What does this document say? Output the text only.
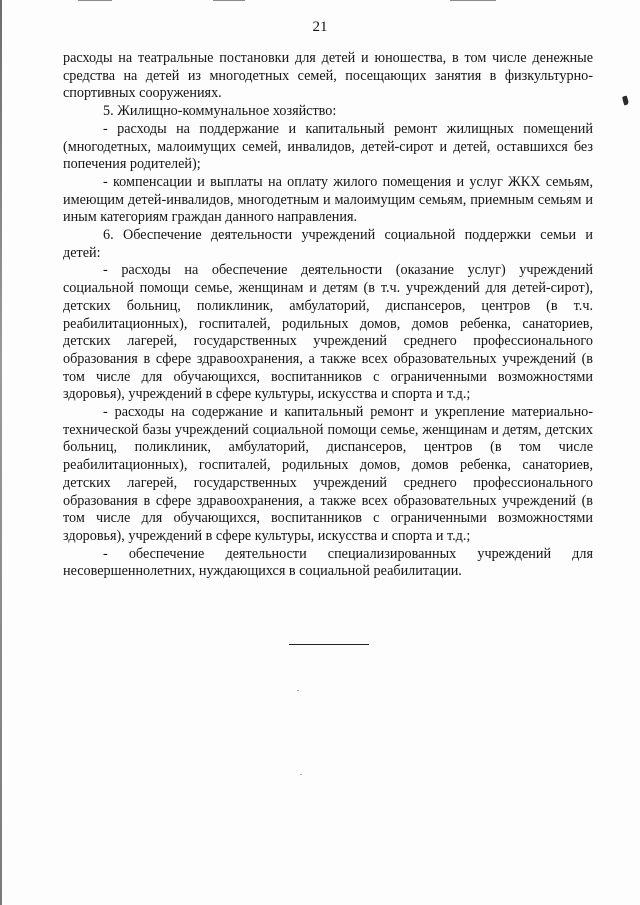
21

расходы на театральные постановки для детей и юношества, в том числе денежные средства на детей из многодетных семей, посещающих занятия в физкультурно-спортивных сооружениях.

5. Жилищно-коммунальное хозяйство:

- расходы на поддержание и капитальный ремонт жилищных помещений (многодетных, малоимущих семей, инвалидов, детей-сирот и детей, оставшихся без попечения родителей);

- компенсации и выплаты на оплату жилого помещения и услуг ЖКХ семьям, имеющим детей-инвалидов, многодетным и малоимущим семьям, приемным семьям и иным категориям граждан данного направления.

6. Обеспечение деятельности учреждений социальной поддержки семьи и детей:

- расходы на обеспечение деятельности (оказание услуг) учреждений социальной помощи семье, женщинам и детям (в т.ч. учреждений для детей-сирот), детских больниц, поликлиник, амбулаторий, диспансеров, центров (в т.ч. реабилитационных), госпиталей, родильных домов, домов ребенка, санаториев, детских лагерей, государственных учреждений среднего профессионального образования в сфере здравоохранения, а также всех образовательных учреждений (в том числе для обучающихся, воспитанников с ограниченными возможностями здоровья), учреждений в сфере культуры, искусства и спорта и т.д.;

- расходы на содержание и капитальный ремонт и укрепление материально-технической базы учреждений социальной помощи семье, женщинам и детям, детских больниц, поликлиник, амбулаторий, диспансеров, центров (в том числе реабилитационных), госпиталей, родильных домов, домов ребенка, санаториев, детских лагерей, государственных учреждений среднего профессионального образования в сфере здравоохранения, а также всех образовательных учреждений (в том числе для обучающихся, воспитанников с ограниченными возможностями здоровья), учреждений в сфере культуры, искусства и спорта и т.д.;

- обеспечение деятельности специализированных учреждений для несовершеннолетних, нуждающихся в социальной реабилитации.
